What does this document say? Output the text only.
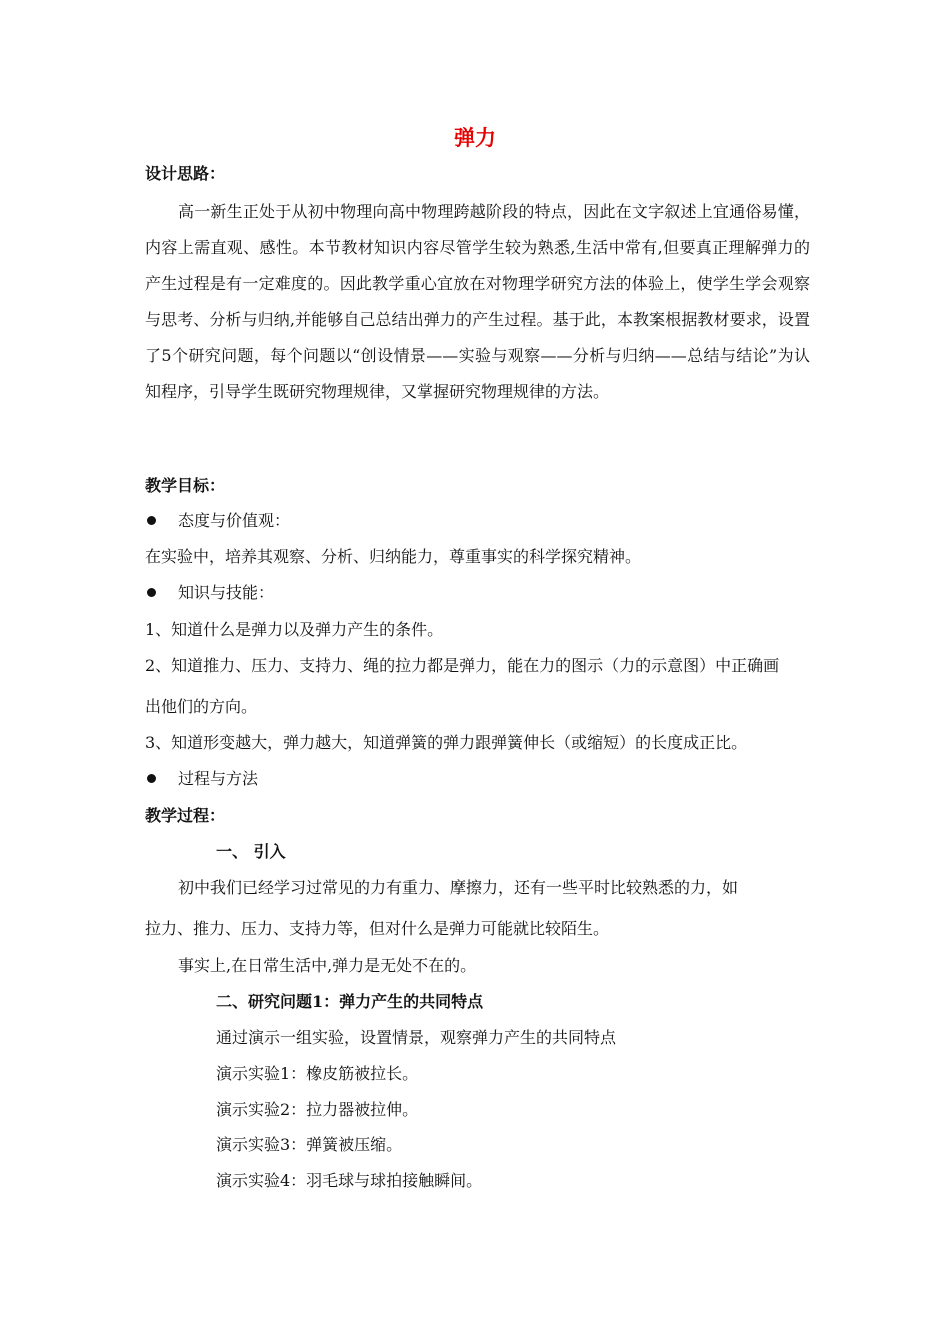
弹力
设计思路：
高一新生正处于从初中物理向高中物理跨越阶段的特点，因此在文字叙述上宜通俗易懂，内容上需直观、感性。本节教材知识内容尽管学生较为熟悉,生活中常有,但要真正理解弹力的产生过程是有一定难度的。因此教学重心宜放在对物理学研究方法的体验上，使学生学会观察与思考、分析与归纳,并能够自己总结出弹力的产生过程。基于此，本教案根据教材要求，设置了5个研究问题，每个问题以“创设情景——实验与观察——分析与归纳——总结与结论”为认知程序，引导学生既研究物理规律，又掌握研究物理规律的方法。
教学目标：
态度与价值观：
在实验中，培养其观察、分析、归纳能力，尊重事实的科学探究精神。
知识与技能：
1、知道什么是弹力以及弹力产生的条件。
2、知道推力、压力、支持力、绳的拉力都是弹力，能在力的图示（力的示意图）中正确画
出他们的方向。
3、知道形变越大，弹力越大，知道弹簧的弹力跟弹簧伸长（或缩短）的长度成正比。
过程与方法
教学过程：
一、 引入
初中我们已经学习过常见的力有重力、摩擦力，还有一些平时比较熟悉的力，如
拉力、推力、压力、支持力等，但对什么是弹力可能就比较陌生。
事实上,在日常生活中,弹力是无处不在的。
二、研究问题1：弹力产生的共同特点
通过演示一组实验，设置情景，观察弹力产生的共同特点
演示实验1：橡皮筋被拉长。
演示实验2：拉力器被拉伸。
演示实验3：弹簧被压缩。
演示实验4：羽毛球与球拍接触瞬间。
